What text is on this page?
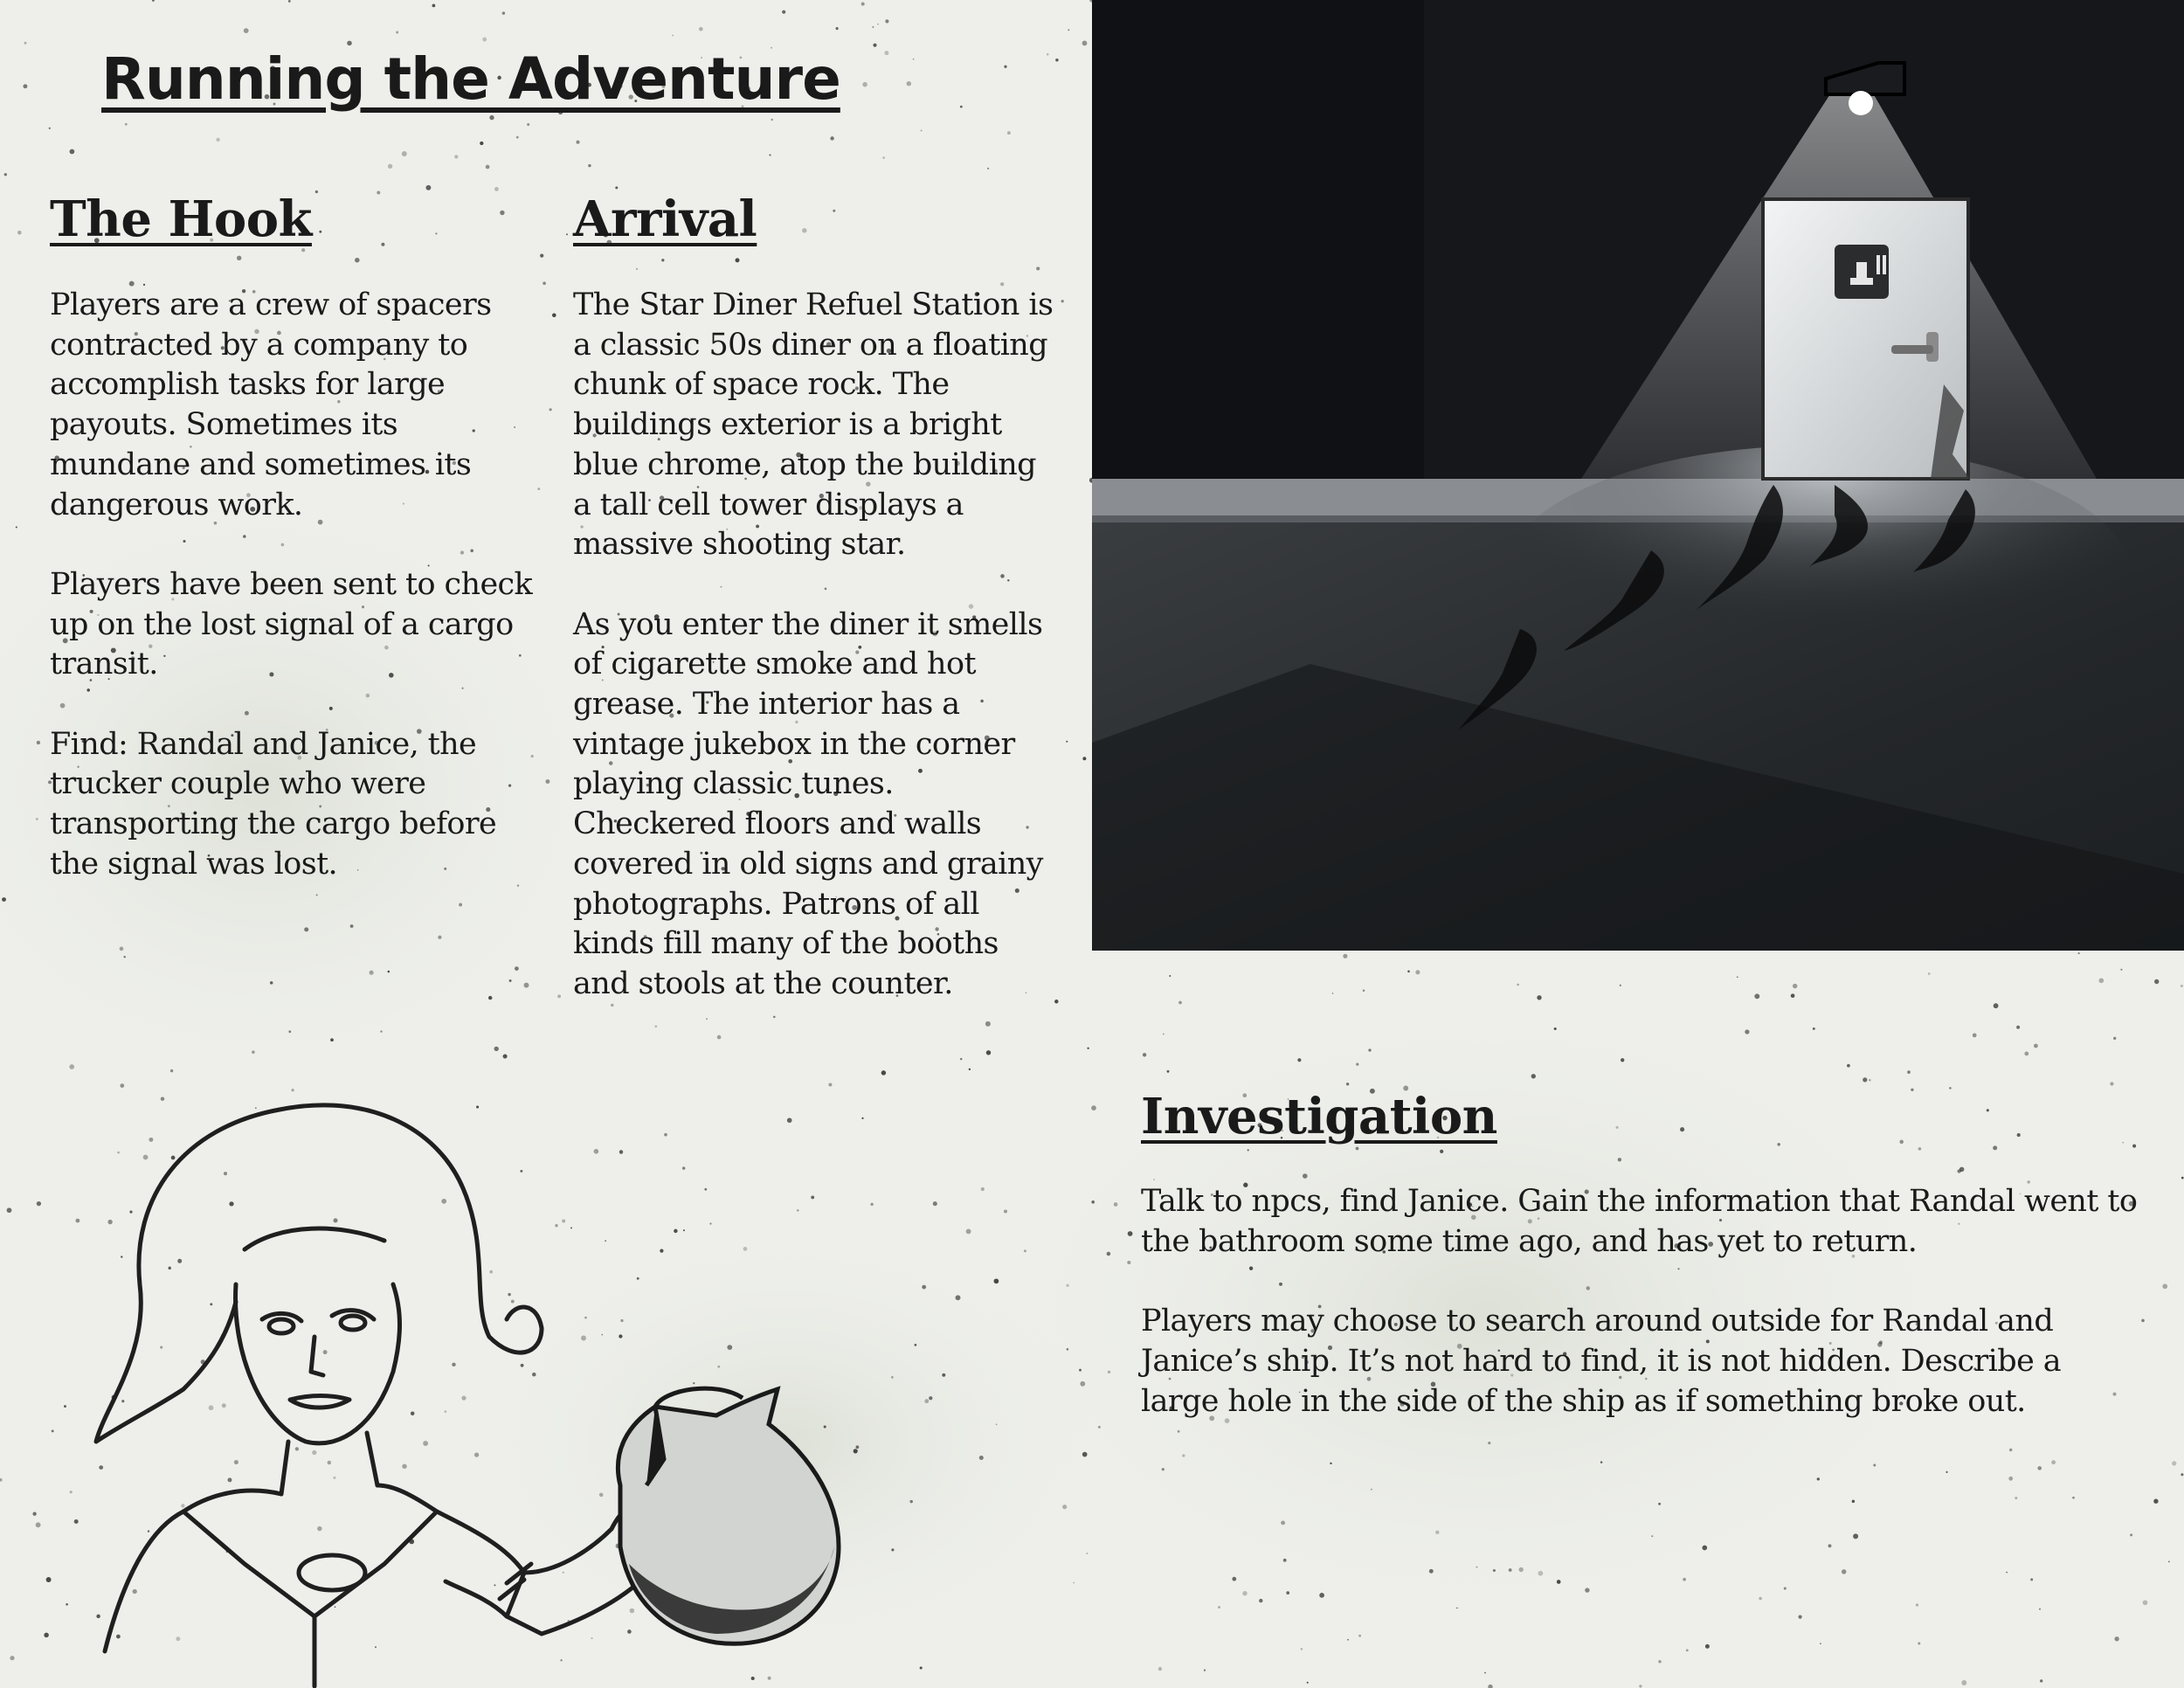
Running the Adventure
The Hook

Players are a crew of spacers contracted by a company to accomplish tasks for large payouts. Sometimes its mundane and sometimes its dangerous work.

Players have been sent to check up on the lost signal of a cargo transit.

Find: Randal and Janice, the trucker couple who were transporting the cargo before the signal was lost.

Arrival

The Star Diner Refuel Station is a classic 50s diner on a floating chunk of space rock. The buildings exterior is a bright blue chrome, atop the building a tall cell tower displays a massive shooting star.

As you enter the diner it smells of cigarette smoke and hot grease. The interior has a vintage jukebox in the corner playing classic tunes. Checkered floors and walls covered in old signs and grainy photographs. Patrons of all kinds fill many of the booths and stools at the counter.

Investigation

Talk to npcs, find Janice. Gain the information that Randal went to the bathroom some time ago, and has yet to return.

Players may choose to search around outside for Randal and Janice’s ship. It’s not hard to find, it is not hidden. Describe a large hole in the side of the ship as if something broke out.
